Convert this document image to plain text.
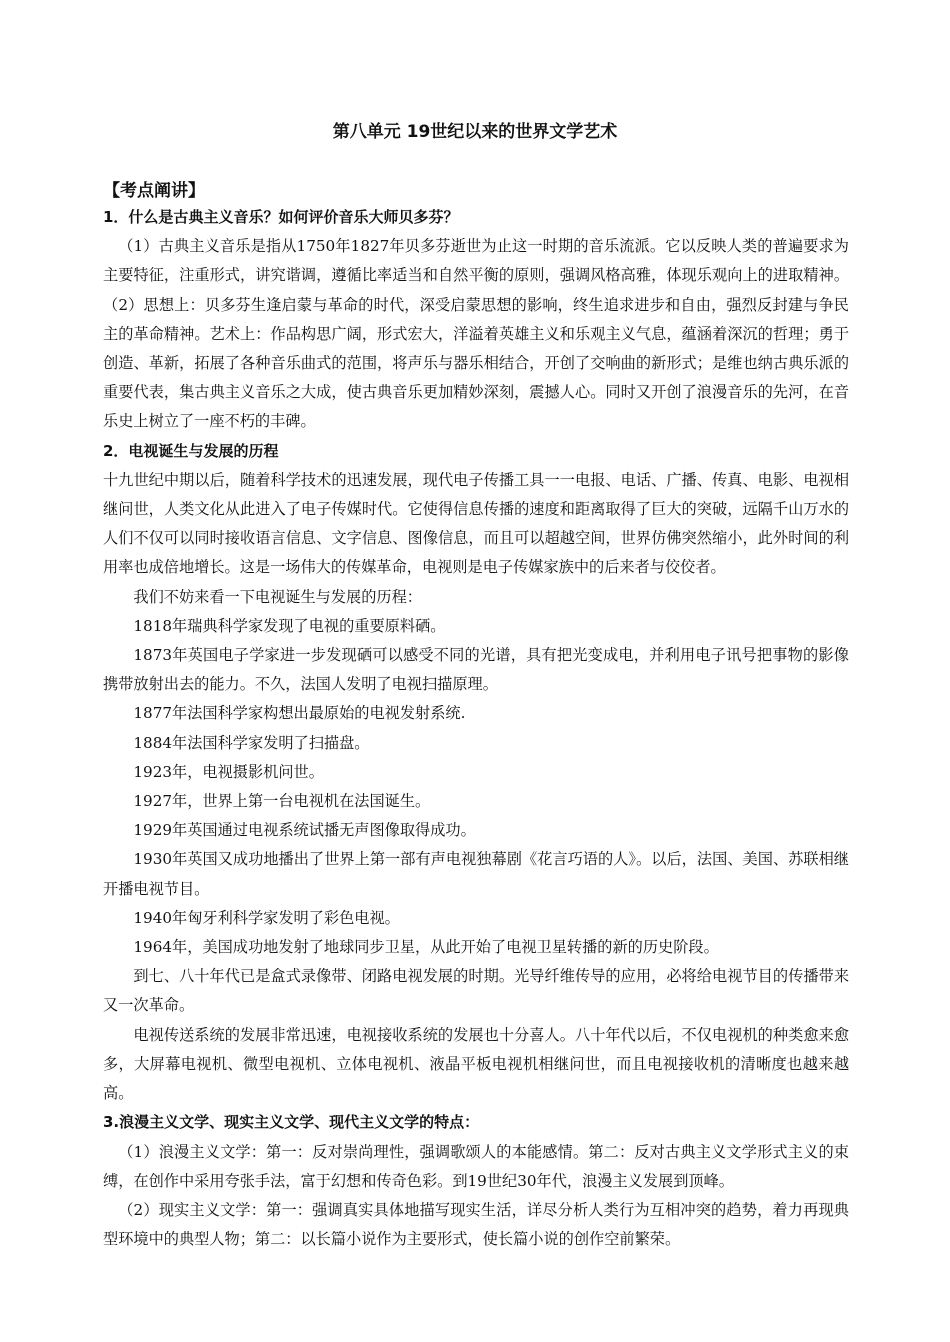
第八单元 19世纪以来的世界文学艺术
【考点阐讲】

1．什么是古典主义音乐？如何评价音乐大师贝多芬？

（1）古典主义音乐是指从1750年1827年贝多芬逝世为止这一时期的音乐流派。它以反映人类的普遍要求为主要特征，注重形式，讲究谐调，遵循比率适当和自然平衡的原则，强调风格高雅，体现乐观向上的进取精神。（2）思想上：贝多芬生逢启蒙与革命的时代，深受启蒙思想的影响，终生追求进步和自由，强烈反封建与争民主的革命精神。艺术上：作品构思广阔，形式宏大，洋溢着英雄主义和乐观主义气息，蕴涵着深沉的哲理；勇于创造、革新，拓展了各种音乐曲式的范围，将声乐与器乐相结合，开创了交响曲的新形式；是维也纳古典乐派的重要代表，集古典主义音乐之大成，使古典音乐更加精妙深刻，震撼人心。同时又开创了浪漫音乐的先河，在音乐史上树立了一座不朽的丰碑。

2．电视诞生与发展的历程

十九世纪中期以后，随着科学技术的迅速发展，现代电子传播工具一一电报、电话、广播、传真、电影、电视相继问世，人类文化从此进入了电子传媒时代。它使得信息传播的速度和距离取得了巨大的突破，远隔千山万水的人们不仅可以同时接收语言信息、文字信息、图像信息，而且可以超越空间，世界仿佛突然缩小，此外时间的利用率也成倍地增长。这是一场伟大的传媒革命，电视则是电子传媒家族中的后来者与佼佼者。

我们不妨来看一下电视诞生与发展的历程：

1818年瑞典科学家发现了电视的重要原料硒。

1873年英国电子学家进一步发现硒可以感受不同的光谱，具有把光变成电，并利用电子讯号把事物的影像携带放射出去的能力。不久，法国人发明了电视扫描原理。

1877年法国科学家构想出最原始的电视发射系统.

1884年法国科学家发明了扫描盘。

1923年，电视摄影机问世。

1927年，世界上第一台电视机在法国诞生。

1929年英国通过电视系统试播无声图像取得成功。

1930年英国又成功地播出了世界上第一部有声电视独幕剧《花言巧语的人》。以后，法国、美国、苏联相继开播电视节目。

1940年匈牙利科学家发明了彩色电视。

1964年，美国成功地发射了地球同步卫星，从此开始了电视卫星转播的新的历史阶段。

到七、八十年代已是盒式录像带、闭路电视发展的时期。光导纤维传导的应用，必将给电视节目的传播带来又一次革命。

电视传送系统的发展非常迅速，电视接收系统的发展也十分喜人。八十年代以后，不仅电视机的种类愈来愈多，大屏幕电视机、微型电视机、立体电视机、液晶平板电视机相继问世，而且电视接收机的清晰度也越来越高。

3.浪漫主义文学、现实主义文学、现代主义文学的特点：

（1）浪漫主义文学：第一：反对崇尚理性，强调歌颂人的本能感情。第二：反对古典主义文学形式主义的束缚，在创作中采用夸张手法，富于幻想和传奇色彩。到19世纪30年代，浪漫主义发展到顶峰。

（2）现实主义文学：第一：强调真实具体地描写现实生活，详尽分析人类行为互相冲突的趋势，着力再现典型环境中的典型人物；第二：以长篇小说作为主要形式，使长篇小说的创作空前繁荣。
